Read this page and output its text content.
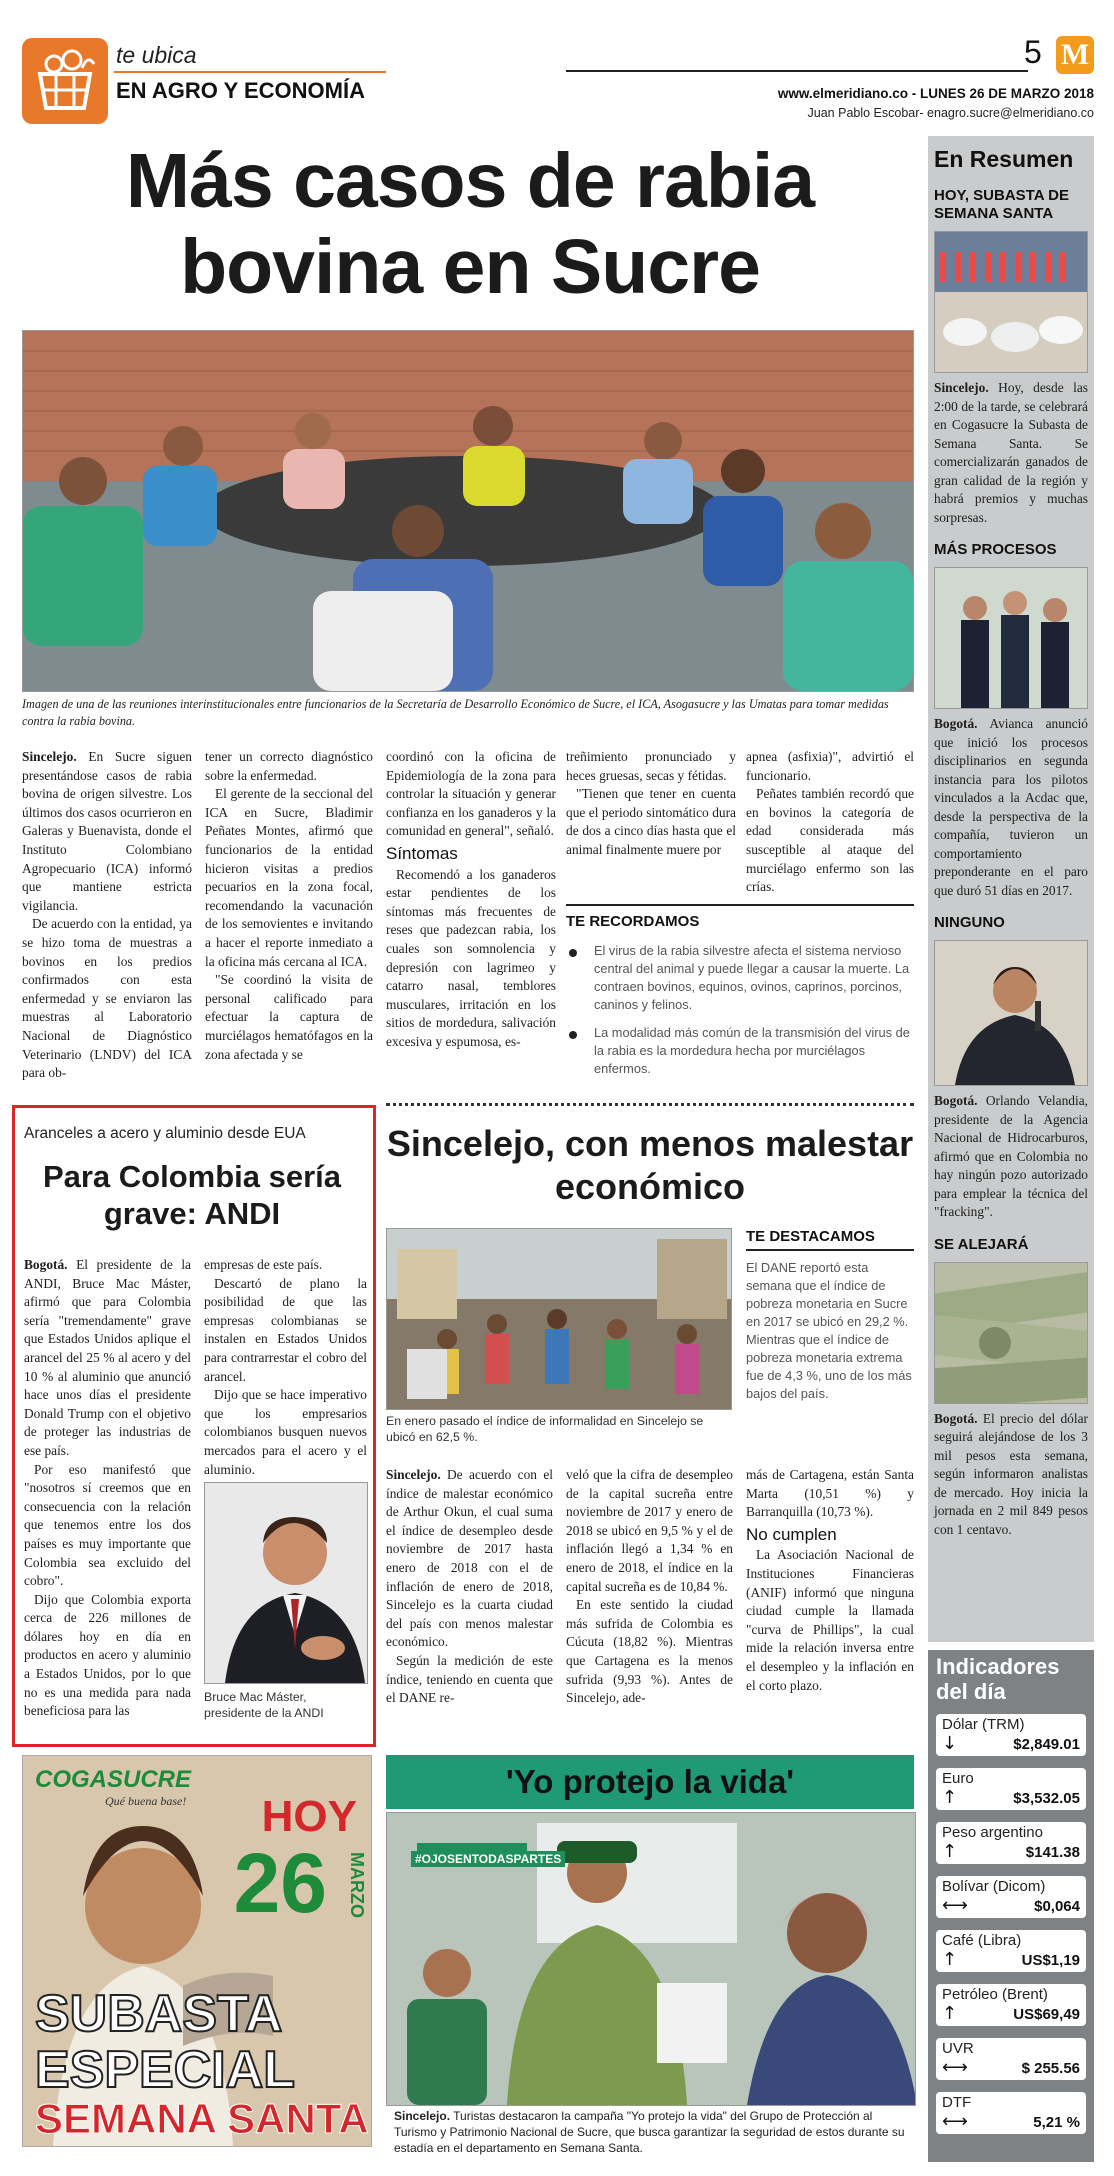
te ubica
EN AGRO Y ECONOMÍA
5 M
www.elmeridiano.co - LUNES 26 DE MARZO 2018
Juan Pablo Escobar- enagro.sucre@elmeridiano.co
Más casos de rabia bovina en Sucre
Imagen de una de las reuniones interinstitucionales entre funcionarios de la Secretaría de Desarrollo Económico de Sucre, el ICA, Asogasucre y las Umatas para tomar medidas contra la rabia bovina.

Sincelejo. En Sucre siguen presentándose casos de rabia bovina de origen silvestre. Los últimos dos casos ocurrieron en Galeras y Buenavista, donde el Instituto Colombiano Agropecuario (ICA) informó que mantiene estricta vigilancia.

De acuerdo con la entidad, ya se hizo toma de muestras a bovinos en los predios confirmados con esta enfermedad y se enviaron las muestras al Laboratorio Nacional de Diagnóstico Veterinario (LNDV) del ICA para ob-

tener un correcto diagnóstico sobre la enfermedad.

El gerente de la seccional del ICA en Sucre, Bladimir Peñates Montes, afirmó que funcionarios de la entidad hicieron visitas a predios pecuarios en la zona focal, recomendando la vacunación de los semovientes e invitando a hacer el reporte inmediato a la oficina más cercana al ICA.

"Se coordinó la visita de personal calificado para efectuar la captura de murciélagos hematófagos en la zona afectada y se

coordinó con la oficina de Epidemiología de la zona para controlar la situación y generar confianza en los ganaderos y la comunidad en general", señaló.

Síntomas

Recomendó a los ganaderos estar pendientes de los síntomas más frecuentes de reses que padezcan rabia, los cuales son somnolencia y depresión con lagrimeo y catarro nasal, temblores musculares, irritación en los sitios de mordedura, salivación excesiva y espumosa, es-

treñimiento pronunciado y heces gruesas, secas y fétidas.

"Tienen que tener en cuenta que el periodo sintomático dura de dos a cinco días hasta que el animal finalmente muere por

apnea (asfixia)", advirtió el funcionario.

Peñates también recordó que en bovinos la categoría de edad considerada más susceptible al ataque del murciélago enfermo son las crías.

TE RECORDAMOS
El virus de la rabia silvestre afecta el sistema nervioso central del animal y puede llegar a causar la muerte. La contraen bovinos, equinos, ovinos, caprinos, porcinos, caninos y felinos.
La modalidad más común de la transmisión del virus de la rabia es la mordedura hecha por murciélagos enfermos.
Aranceles a acero y aluminio desde EUA
Para Colombia sería grave: ANDI

Bogotá. El presidente de la ANDI, Bruce Mac Máster, afirmó que para Colombia sería "tremendamente" grave que Estados Unidos aplique el arancel del 25 % al acero y del 10 % al aluminio que anunció hace unos días el presidente Donald Trump con el objetivo de proteger las industrias de ese país.

Por eso manifestó que "nosotros sí creemos que en consecuencia con la relación que tenemos entre los dos países es muy importante que Colombia sea excluido del cobro".

Dijo que Colombia exporta cerca de 226 millones de dólares hoy en día en productos en acero y aluminio a Estados Unidos, por lo que no es una medida para nada beneficiosa para las

empresas de este país.

Descartó de plano la posibilidad de que las empresas colombianas se instalen en Estados Unidos para contrarrestar el cobro del arancel.

Dijo que se hace imperativo que los empresarios colombianos busquen nuevos mercados para el acero y el aluminio.

Bruce Mac Máster, presidente de la ANDI
Sincelejo, con menos malestar económico
En enero pasado el índice de informalidad en Sincelejo se ubicó en 62,5 %.
TE DESTACAMOS
El DANE reportó esta semana que el índice de pobreza monetaria en Sucre en 2017 se ubicó en 29,2 %. Mientras que el índice de pobreza monetaria extrema fue de 4,3 %, uno de los más bajos del país.

Sincelejo. De acuerdo con el índice de malestar económico de Arthur Okun, el cual suma el índice de desempleo desde noviembre de 2017 hasta enero de 2018 con el de inflación de enero de 2018, Sincelejo es la cuarta ciudad del país con menos malestar económico.

Según la medición de este índice, teniendo en cuenta que el DANE re-

veló que la cifra de desempleo de la capital sucreña entre noviembre de 2017 y enero de 2018 se ubicó en 9,5 % y el de inflación llegó a 1,34 % en enero de 2018, el índice en la capital sucreña es de 10,84 %.

En este sentido la ciudad más sufrida de Colombia es Cúcuta (18,82 %). Mientras que Cartagena es la menos sufrida (9,93 %). Antes de Sincelejo, ade-

más de Cartagena, están Santa Marta (10,51 %) y Barranquilla (10,73 %).

No cumplen

La Asociación Nacional de Instituciones Financieras (ANIF) informó que ninguna ciudad cumple la llamada "curva de Phillips", la cual mide la relación inversa entre el desempleo y la inflación en el corto plazo.

COGASUCRE
Qué buena base! HOY
26 MARZO
SUBASTA
ESPECIAL
SEMANA SANTA
'Yo protejo la vida'
#OJOSENTODASPARTES
Sincelejo. Turistas destacaron la campaña "Yo protejo la vida" del Grupo de Protección al Turismo y Patrimonio Nacional de Sucre, que busca garantizar la seguridad de estos durante su estadía en el departamento en Semana Santa.
En Resumen
HOY, SUBASTA DE SEMANA SANTA
Sincelejo. Hoy, desde las 2:00 de la tarde, se celebrará en Cogasucre la Subasta de Semana Santa. Se comercializarán ganados de gran calidad de la región y habrá premios y muchas sorpresas.
MÁS PROCESOS
Bogotá. Avianca anunció que inició los procesos disciplinarios en segunda instancia para los pilotos vinculados a la Acdac que, desde la perspectiva de la compañía, tuvieron un comportamiento preponderante en el paro que duró 51 días en 2017.
NINGUNO
Bogotá. Orlando Velandia, presidente de la Agencia Nacional de Hidrocarburos, afirmó que en Colombia no hay ningún pozo autorizado para emplear la técnica del "fracking".
SE ALEJARÁ
Bogotá. El precio del dólar seguirá alejándose de los 3 mil pesos esta semana, según informaron analistas de mercado. Hoy inicia la jornada en 2 mil 849 pesos con 1 centavo.
Indicadores del día
Dólar (TRM)
↓	$2,849.01
Euro
↑	$3,532.05
Peso argentino
↑	$141.38
Bolívar (Dicom)
⟷	$0,064
Café (Libra)
↑	US$1,19
Petróleo (Brent)
↑	US$69,49
UVR
⟷	$ 255.56
DTF
⟷	5,21 %
